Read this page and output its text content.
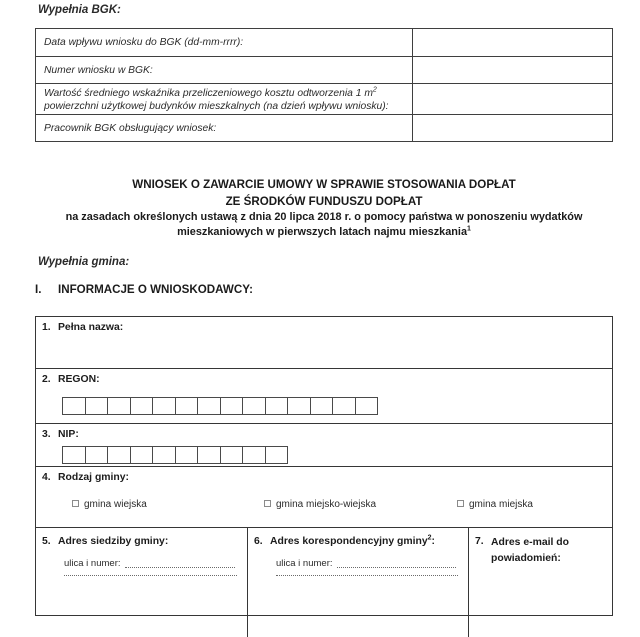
Wypełnia BGK:
Data wpływu wniosku do BGK (dd-mm-rrrr):
Numer wniosku w BGK:
Wartość średniego wskaźnika przeliczeniowego kosztu odtworzenia 1 $m^2$ powierzchni użytkowej budynków mieszkalnych (na dzień wpływu wniosku):
Pracownik BGK obsługujący wniosek:
WNIOSEK O ZAWARCIE UMOWY W SPRAWIE STOSOWANIA DOPŁAT
ZE ŚRODKÓW FUNDUSZU DOPŁAT
na zasadach określonych ustawą z dnia 20 lipca 2018 r. o pomocy państwa w ponoszeniu wydatków
mieszkaniowych w pierwszych latach najmu mieszkania$^1$
Wypełnia gmina:
I. INFORMACJE O WNIOSKODAWCY:
1. Pełna nazwa:
2. REGON:
3. NIP:
4. Rodzaj gminy:
gmina wiejska	gmina miejsko-wiejska	gmina miejska
5. Adres siedziby gminy:
ulica i numer:
6. Adres korespondencyjny gminy$^2$:
ulica i numer:
7. Adres e-mail do powiadomień:
